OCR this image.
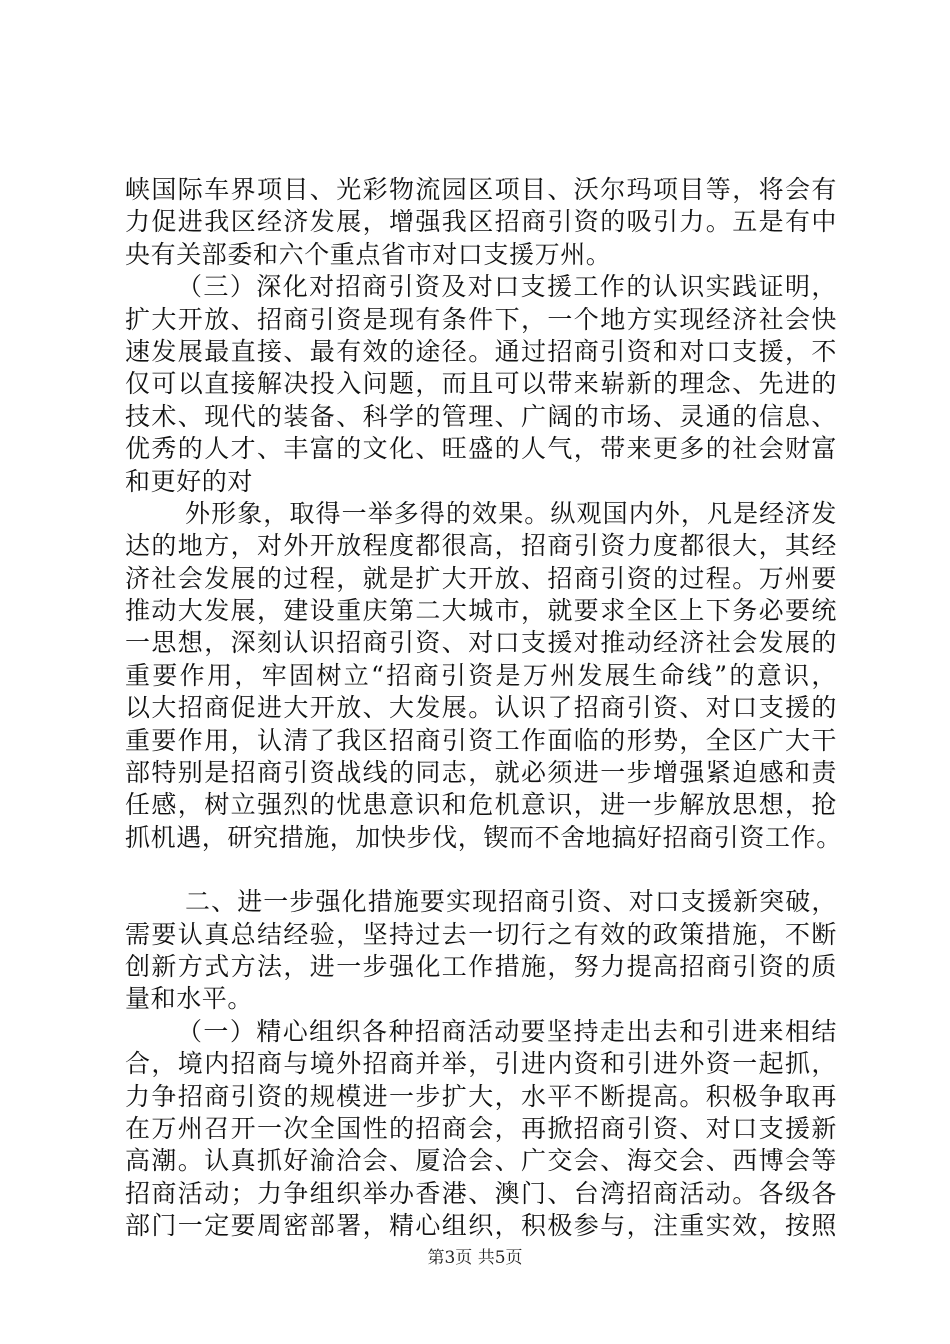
峡国际车界项目、光彩物流园区项目、沃尔玛项目等，将会有
力促进我区经济发展，增强我区招商引资的吸引力。五是有中
央有关部委和六个重点省市对口支援万州。
（三）深化对招商引资及对口支援工作的认识实践证明，
扩大开放、招商引资是现有条件下，一个地方实现经济社会快
速发展最直接、最有效的途径。通过招商引资和对口支援，不
仅可以直接解决投入问题，而且可以带来崭新的理念、先进的
技术、现代的装备、科学的管理、广阔的市场、灵通的信息、
优秀的人才、丰富的文化、旺盛的人气，带来更多的社会财富
和更好的对
外形象，取得一举多得的效果。纵观国内外，凡是经济发
达的地方，对外开放程度都很高，招商引资力度都很大，其经
济社会发展的过程，就是扩大开放、招商引资的过程。万州要
推动大发展，建设重庆第二大城市，就要求全区上下务必要统
一思想，深刻认识招商引资、对口支援对推动经济社会发展的
重要作用，牢固树立“招商引资是万州发展生命线”的意识，
以大招商促进大开放、大发展。认识了招商引资、对口支援的
重要作用，认清了我区招商引资工作面临的形势，全区广大干
部特别是招商引资战线的同志，就必须进一步增强紧迫感和责
任感，树立强烈的忧患意识和危机意识，进一步解放思想，抢
抓机遇，研究措施，加快步伐，锲而不舍地搞好招商引资工作。
二、进一步强化措施要实现招商引资、对口支援新突破，
需要认真总结经验，坚持过去一切行之有效的政策措施，不断
创新方式方法，进一步强化工作措施，努力提高招商引资的质
量和水平。
（一）精心组织各种招商活动要坚持走出去和引进来相结
合，境内招商与境外招商并举，引进内资和引进外资一起抓，
力争招商引资的规模进一步扩大，水平不断提高。积极争取再
在万州召开一次全国性的招商会，再掀招商引资、对口支援新
高潮。认真抓好渝洽会、厦洽会、广交会、海交会、西博会等
招商活动；力争组织举办香港、澳门、台湾招商活动。各级各
部门一定要周密部署，精心组织，积极参与，注重实效，按照
第3页 共5页
